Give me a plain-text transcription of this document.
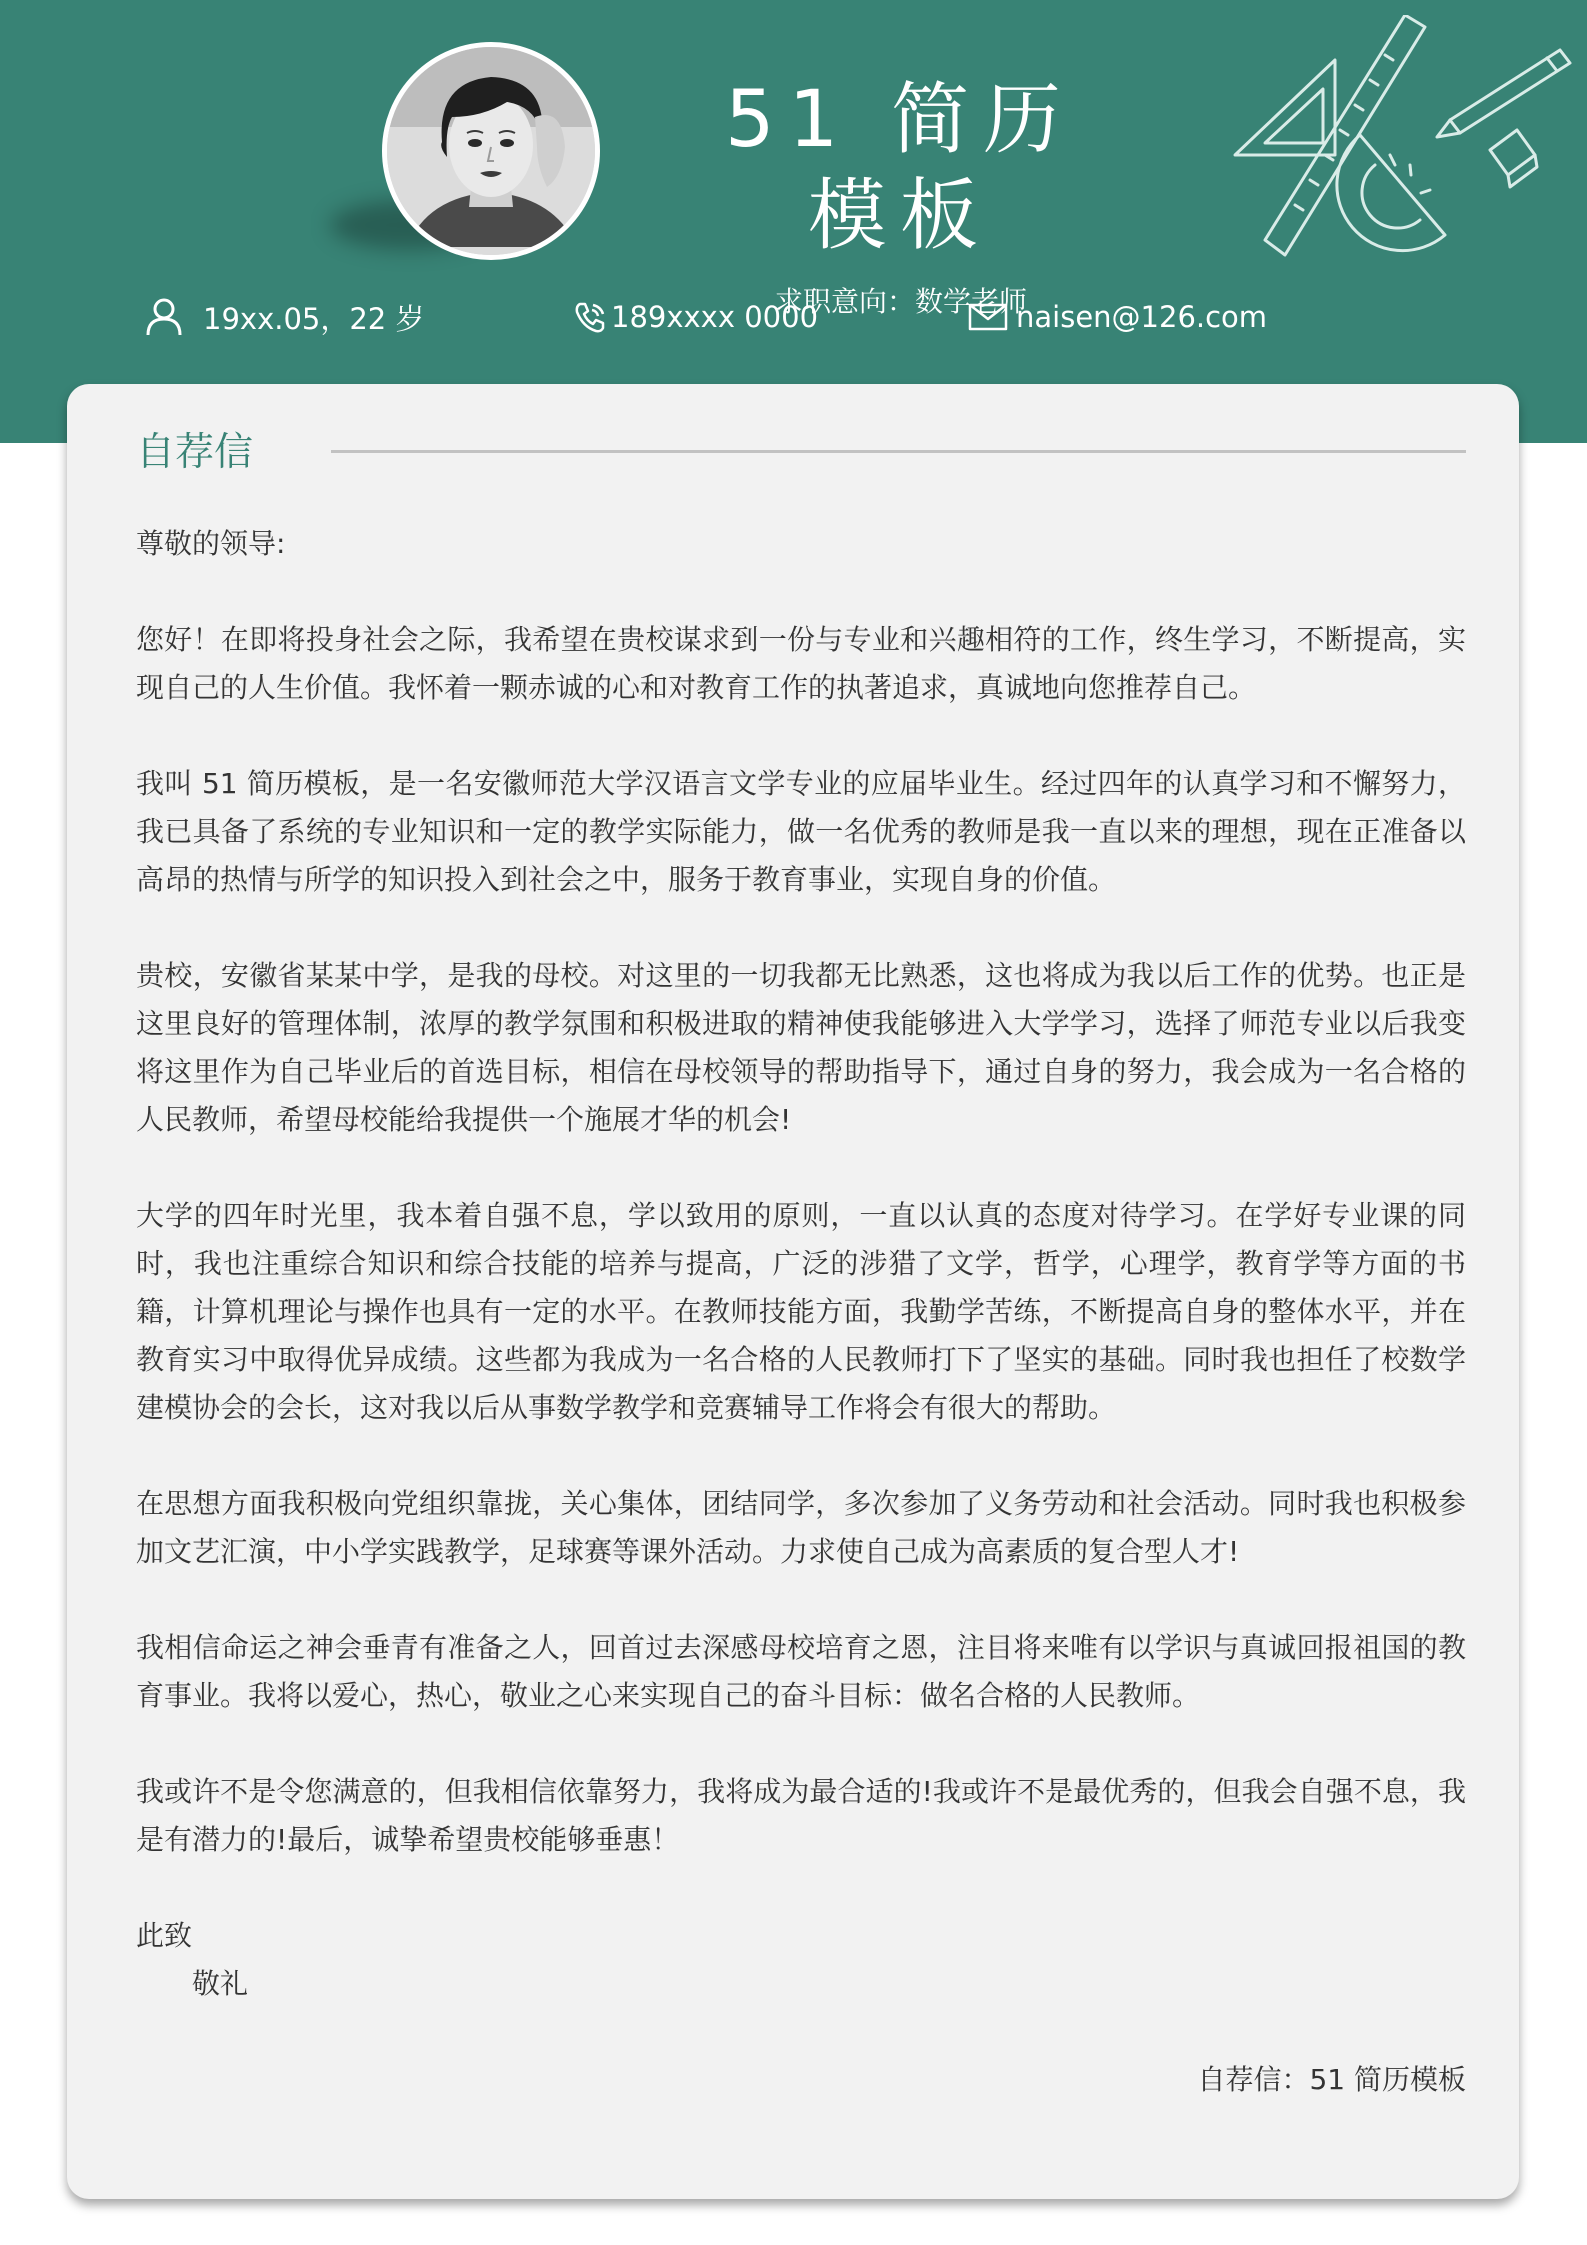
51 简历模板
19xx.05，22 岁	189xxxx 0000
求职意向：数学老师
naisen@126.com
自荐信

尊敬的领导:

您好！在即将投身社会之际，我希望在贵校谋求到一份与专业和兴趣相符的工作，终生学习，不断提高，实现自己的人生价值。我怀着一颗赤诚的心和对教育工作的执著追求，真诚地向您推荐自己。

我叫 51 简历模板，是一名安徽师范大学汉语言文学专业的应届毕业生。经过四年的认真学习和不懈努力，我已具备了系统的专业知识和一定的教学实际能力，做一名优秀的教师是我一直以来的理想，现在正准备以高昂的热情与所学的知识投入到社会之中，服务于教育事业，实现自身的价值。

贵校，安徽省某某中学，是我的母校。对这里的一切我都无比熟悉，这也将成为我以后工作的优势。也正是这里良好的管理体制，浓厚的教学氛围和积极进取的精神使我能够进入大学学习，选择了师范专业以后我变将这里作为自己毕业后的首选目标，相信在母校领导的帮助指导下，通过自身的努力，我会成为一名合格的人民教师，希望母校能给我提供一个施展才华的机会!

大学的四年时光里，我本着自强不息，学以致用的原则，一直以认真的态度对待学习。在学好专业课的同时，我也注重综合知识和综合技能的培养与提高，广泛的涉猎了文学，哲学，心理学，教育学等方面的书籍，计算机理论与操作也具有一定的水平。在教师技能方面，我勤学苦练，不断提高自身的整体水平，并在教育实习中取得优异成绩。这些都为我成为一名合格的人民教师打下了坚实的基础。同时我也担任了校数学建模协会的会长，这对我以后从事数学教学和竞赛辅导工作将会有很大的帮助。

在思想方面我积极向党组织靠拢，关心集体，团结同学，多次参加了义务劳动和社会活动。同时我也积极参加文艺汇演，中小学实践教学，足球赛等课外活动。力求使自己成为高素质的复合型人才!

我相信命运之神会垂青有准备之人，回首过去深感母校培育之恩，注目将来唯有以学识与真诚回报祖国的教育事业。我将以爱心，热心，敬业之心来实现自己的奋斗目标：做名合格的人民教师。

我或许不是令您满意的，但我相信依靠努力，我将成为最合适的!我或许不是最优秀的，但我会自强不息，我是有潜力的!最后，诚挚希望贵校能够垂惠！

此致

敬礼

自荐信：51 简历模板
